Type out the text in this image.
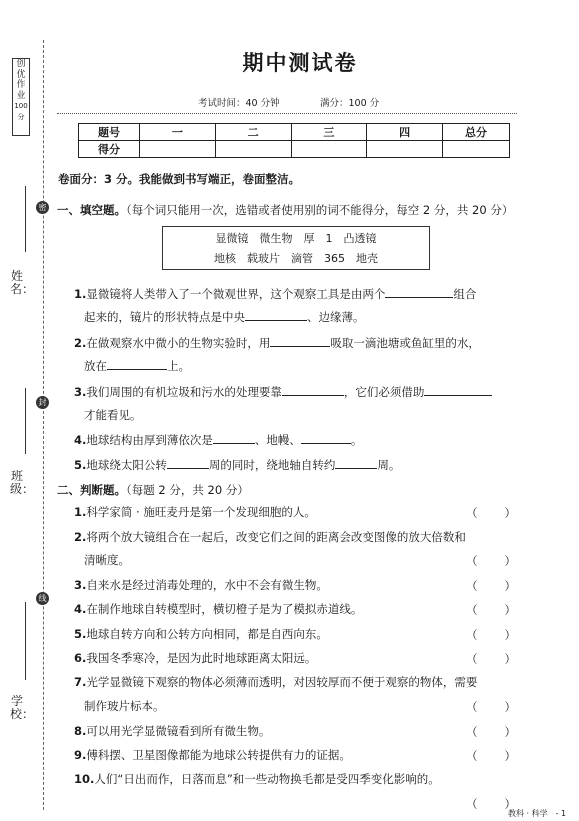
创
优
作
业
100分
姓名：
班级：
学校：
密
封
线
期中测试卷
考试时间：40 分钟	满分：100 分
题号	一	二	三	四	总分
得分					
卷面分：3 分。我能做到书写端正，卷面整洁。
一、填空题。（每个词只能用一次，选错或者使用别的词不能得分，每空 2 分，共 20 分）
显微镜　微生物　厚　1　凸透镜
地核　载玻片　滴管　365　地壳
1.显微镜将人类带入了一个微观世界，这个观察工具是由两个	组合
起来的，镜片的形状特点是中央	、边缘薄。
2.在做观察水中微小的生物实验时，用	吸取一滴池塘或鱼缸里的水，
放在	上。
3.我们周围的有机垃圾和污水的处理要靠	，它们必须借助
才能看见。
4.地球结构由厚到薄依次是	、地幔、	。
5.地球绕太阳公转	周的同时，绕地轴自转约	周。
二、判断题。（每题 2 分，共 20 分）
1.科学家简 · 施旺麦丹是第一个发现细胞的人。	（ ）
2.将两个放大镜组合在一起后，改变它们之间的距离会改变图像的放大倍数和
清晰度。	（ ）
3.自来水是经过消毒处理的，水中不会有微生物。	（ ）
4.在制作地球自转模型时，横切橙子是为了模拟赤道线。	（ ）
5.地球自转方向和公转方向相同，都是自西向东。	（ ）
6.我国冬季寒冷，是因为此时地球距离太阳远。	（ ）
7.光学显微镜下观察的物体必须薄而透明，对因较厚而不便于观察的物体，需要
制作玻片标本。	（ ）
8.可以用光学显微镜看到所有微生物。	（ ）
9.傅科摆、卫星图像都能为地球公转提供有力的证据。	（ ）
10.人们“日出而作，日落而息”和一些动物换毛都是受四季变化影响的。
（ ）
教科 · 科学　- 1
